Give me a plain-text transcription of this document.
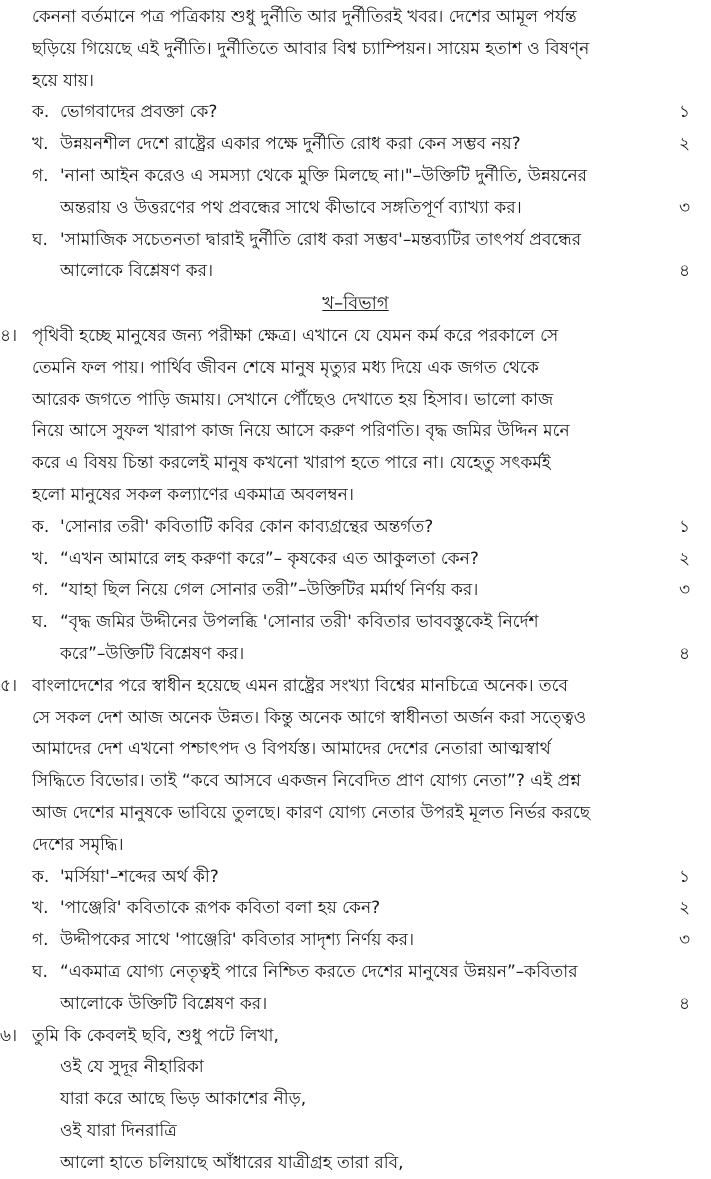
কেননা বর্তমানে পত্র পত্রিকায় শুধু দুর্নীতি আর দুর্নীতিরই খবর। দেশের আমূল পর্যন্ত
ছড়িয়ে গিয়েছে এই দুর্নীতি। দুর্নীতিতে আবার বিশ্ব চ্যাম্পিয়ন। সায়েম হতাশ ও বিষণ্ন
হয়ে যায়।
ক. ভোগবাদের প্রবক্তা কে?	১
খ. উন্নয়নশীল দেশে রাষ্ট্রের একার পক্ষে দুর্নীতি রোধ করা কেন সম্ভব নয়?	২
গ. 'নানা আইন করেও এ সমস্যা থেকে মুক্তি মিলছে না।"–উক্তিটি দুর্নীতি, উন্নয়নের
অন্তরায় ও উত্তরণের পথ প্রবন্ধের সাথে কীভাবে সঙ্গতিপূর্ণ ব্যাখ্যা কর।	৩
ঘ. 'সামাজিক সচেতনতা দ্বারাই দুর্নীতি রোধ করা সম্ভব'–মন্তব্যটির তাৎপর্য প্রবন্ধের
আলোকে বিশ্লেষণ কর।	৪
খ–বিভাগ
৪। পৃথিবী হচ্ছে মানুষের জন্য পরীক্ষা ক্ষেত্র। এখানে যে যেমন কর্ম করে পরকালে সে
তেমনি ফল পায়। পার্থিব জীবন শেষে মানুষ মৃত্যুর মধ্য দিয়ে এক জগত থেকে
আরেক জগতে পাড়ি জমায়। সেখানে পৌঁছেও দেখাতে হয় হিসাব। ভালো কাজ
নিয়ে আসে সুফল খারাপ কাজ নিয়ে আসে করুণ পরিণতি। বৃদ্ধ জমির উদ্দিন মনে
করে এ বিষয় চিন্তা করলেই মানুষ কখনো খারাপ হতে পারে না। যেহেতু সৎকর্মই
হলো মানুষের সকল কল্যাণের একমাত্র অবলম্বন।
ক. 'সোনার তরী' কবিতাটি কবির কোন কাব্যগ্রন্থের অন্তর্গত?	১
খ. “এখন আমারে লহ করুণা করে”– কৃষকের এত আকুলতা কেন?	২
গ. “যাহা ছিল নিয়ে গেল সোনার তরী”–উক্তিটির মর্মার্থ নির্ণয় কর।	৩
ঘ. “বৃদ্ধ জমির উদ্দীনের উপলব্ধি 'সোনার তরী' কবিতার ভাববস্তুকেই নির্দেশ
করে”–উক্তিটি বিশ্লেষণ কর।	৪
৫। বাংলাদেশের পরে স্বাধীন হয়েছে এমন রাষ্ট্রের সংখ্যা বিশ্বের মানচিত্রে অনেক। তবে
সে সকল দেশ আজ অনেক উন্নত। কিন্তু অনেক আগে স্বাধীনতা অর্জন করা সত্ত্বেও
আমাদের দেশ এখনো পশ্চাৎপদ ও বিপর্যস্ত। আমাদের দেশের নেতারা আত্মস্বার্থ
সিদ্ধিতে বিভোর। তাই “কবে আসবে একজন নিবেদিত প্রাণ যোগ্য নেতা”? এই প্রশ্ন
আজ দেশের মানুষকে ভাবিয়ে তুলছে। কারণ যোগ্য নেতার উপরই মূলত নির্ভর করছে
দেশের সমৃদ্ধি।
ক. 'মর্সিয়া'–শব্দের অর্থ কী?	১
খ. 'পাঞ্জেরি' কবিতাকে রূপক কবিতা বলা হয় কেন?	২
গ. উদ্দীপকের সাথে 'পাঞ্জেরি' কবিতার সাদৃশ্য নির্ণয় কর।	৩
ঘ. “একমাত্র যোগ্য নেতৃত্বই পারে নিশ্চিত করতে দেশের মানুষের উন্নয়ন”–কবিতার
আলোকে উক্তিটি বিশ্লেষণ কর।	৪
৬। তুমি কি কেবলই ছবি, শুধু পটে লিখা,
ওই যে সুদূর নীহারিকা
যারা করে আছে ভিড় আকাশের নীড়,
ওই যারা দিনরাত্রি
আলো হাতে চলিয়াছে আঁধারের যাত্রীগ্রহ তারা রবি,
